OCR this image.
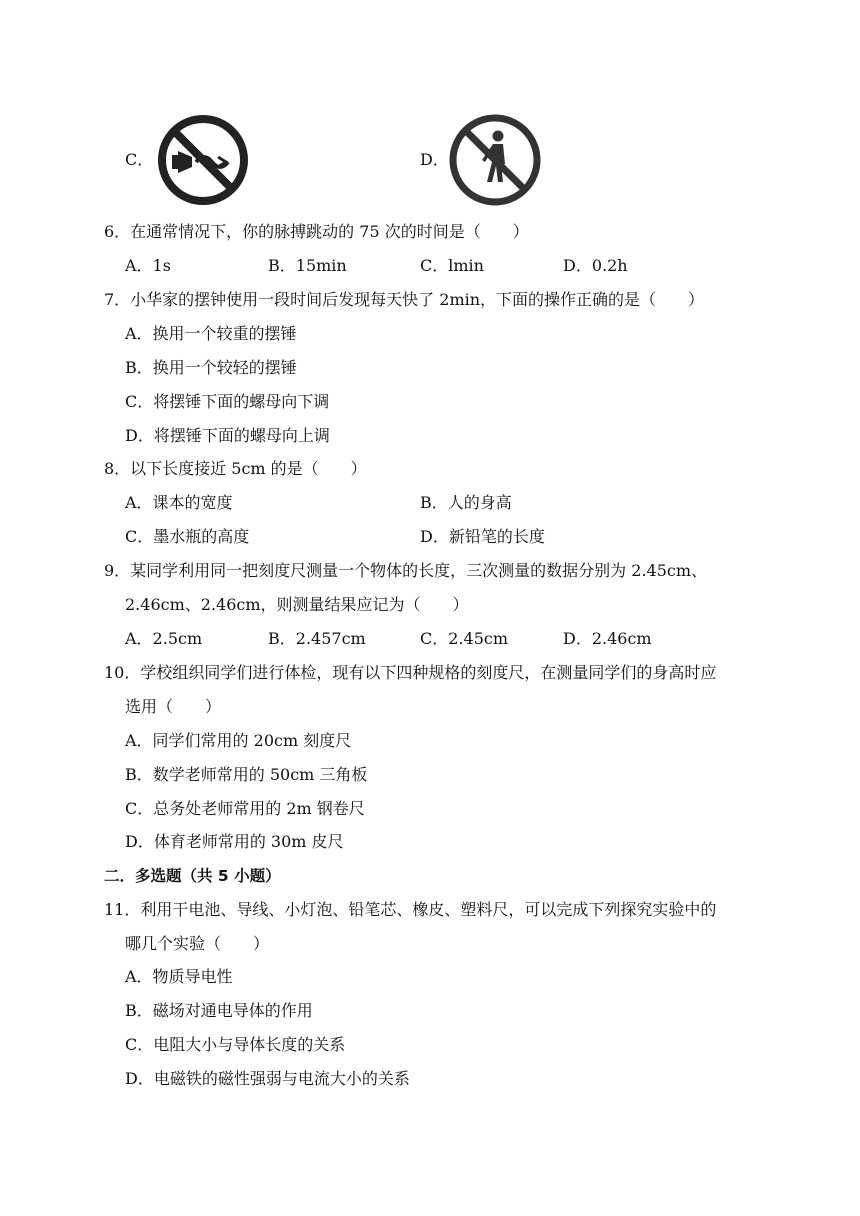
C．	D．
6．在通常情况下，你的脉搏跳动的 75 次的时间是（　　）
A．1s	B．15min	C．lmin	D．0.2h
7．小华家的摆钟使用一段时间后发现每天快了 2min，下面的操作正确的是（　　）
A．换用一个较重的摆锤
B．换用一个较轻的摆锤
C．将摆锤下面的螺母向下调
D．将摆锤下面的螺母向上调
8．以下长度接近 5cm 的是（　　）
A．课本的宽度	B．人的身高
C．墨水瓶的高度	D．新铅笔的长度
9．某同学利用同一把刻度尺测量一个物体的长度，三次测量的数据分别为 2.45cm、
2.46cm、2.46cm，则测量结果应记为（　　）
A．2.5cm	B．2.457cm	C．2.45cm	D．2.46cm
10．学校组织同学们进行体检，现有以下四种规格的刻度尺，在测量同学们的身高时应
选用（　　）
A．同学们常用的 20cm 刻度尺
B．数学老师常用的 50cm 三角板
C．总务处老师常用的 2m 钢卷尺
D．体育老师常用的 30m 皮尺
二．多选题（共 5 小题）
11．利用干电池、导线、小灯泡、铅笔芯、橡皮、塑料尺，可以完成下列探究实验中的
哪几个实验（　　）
A．物质导电性
B．磁场对通电导体的作用
C．电阻大小与导体长度的关系
D．电磁铁的磁性强弱与电流大小的关系
